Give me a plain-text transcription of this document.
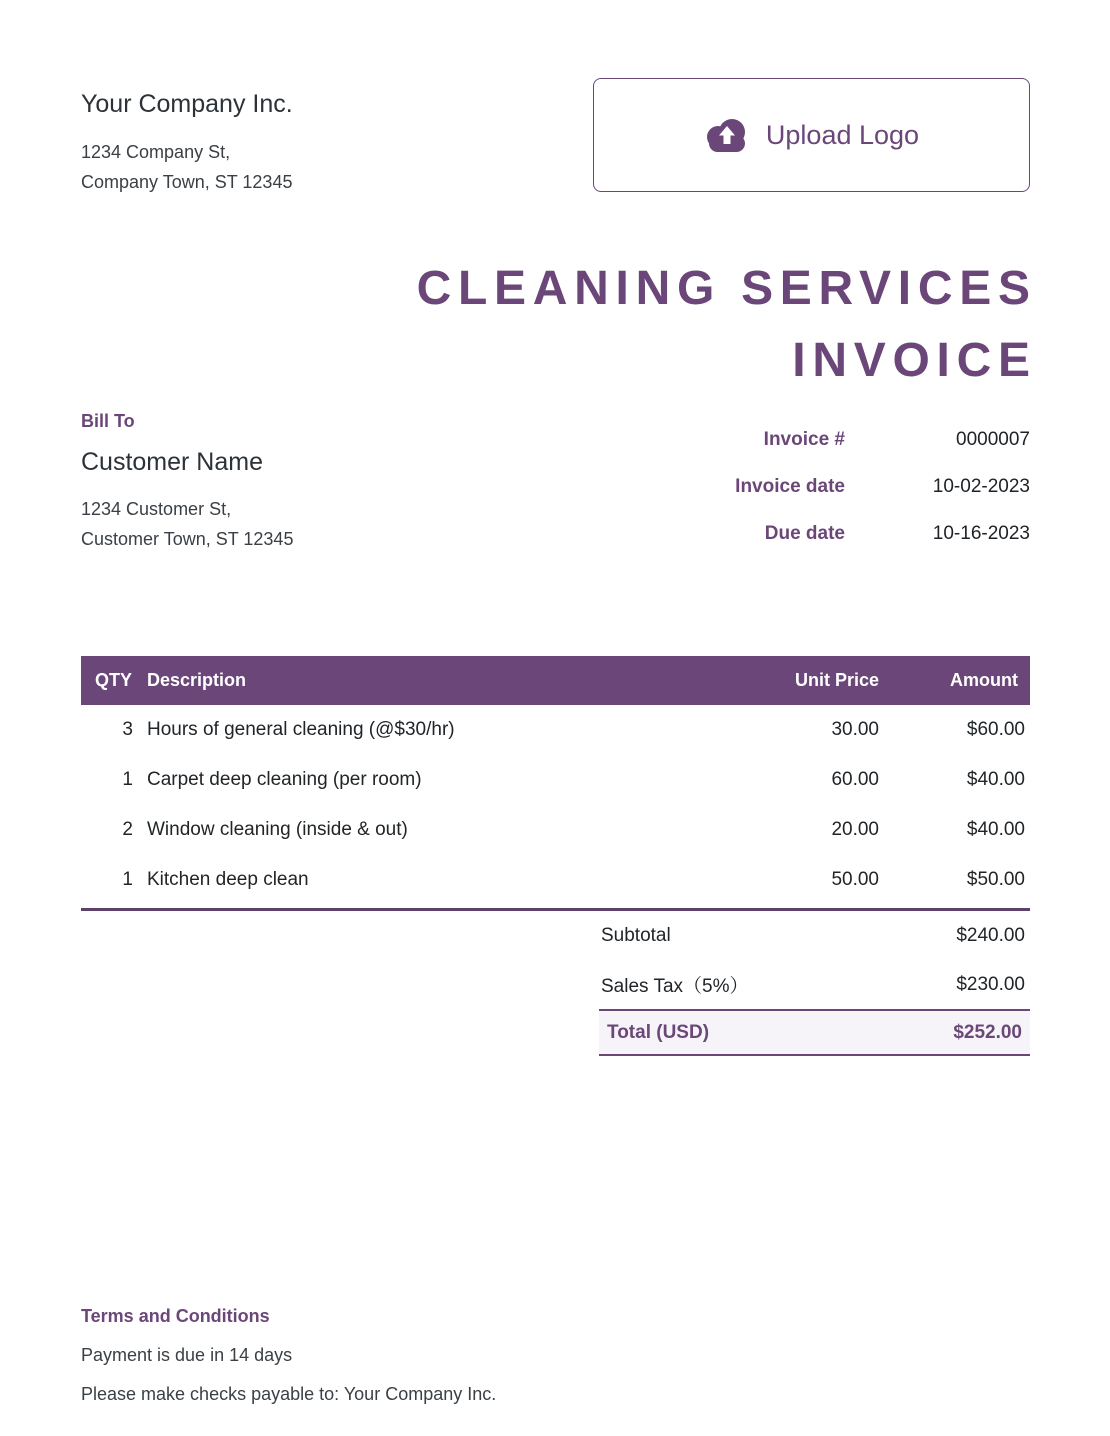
Your Company Inc.
1234 Company St,
Company Town, ST 12345
Upload Logo
CLEANING SERVICES
INVOICE
Bill To
Customer Name
1234 Customer St,
Customer Town, ST 12345
Invoice #	0000007
Invoice date	10-02-2023
Due date	10-16-2023
QTY Description	Unit Price	Amount
3 Hours of general cleaning (@$30/hr)	30.00	$60.00
1 Carpet deep cleaning (per room)	60.00	$40.00
2 Window cleaning (inside & out)	20.00	$40.00
1 Kitchen deep clean	50.00	$50.00
Subtotal	$240.00
Sales Tax（5%）	$230.00
Total (USD)	$252.00
Terms and Conditions
Payment is due in 14 days
Please make checks payable to: Your Company Inc.
